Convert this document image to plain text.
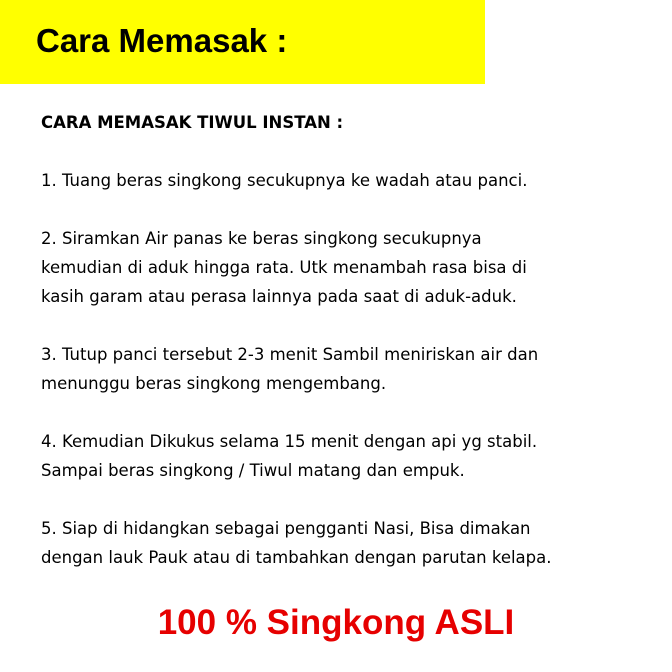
Cara Memasak :
CARA MEMASAK TIWUL INSTAN :
1. Tuang beras singkong secukupnya ke wadah atau panci.
2. Siramkan Air panas ke beras singkong secukupnya
kemudian di aduk hingga rata. Utk menambah rasa bisa di
kasih garam atau perasa lainnya pada saat di aduk-aduk.
3. Tutup panci tersebut 2-3 menit Sambil meniriskan air dan
menunggu beras singkong mengembang.
4. Kemudian Dikukus selama 15 menit dengan api yg stabil.
Sampai beras singkong / Tiwul matang dan empuk.
5. Siap di hidangkan sebagai pengganti Nasi, Bisa dimakan
dengan lauk Pauk atau di tambahkan dengan parutan kelapa.
100 % Singkong ASLI
